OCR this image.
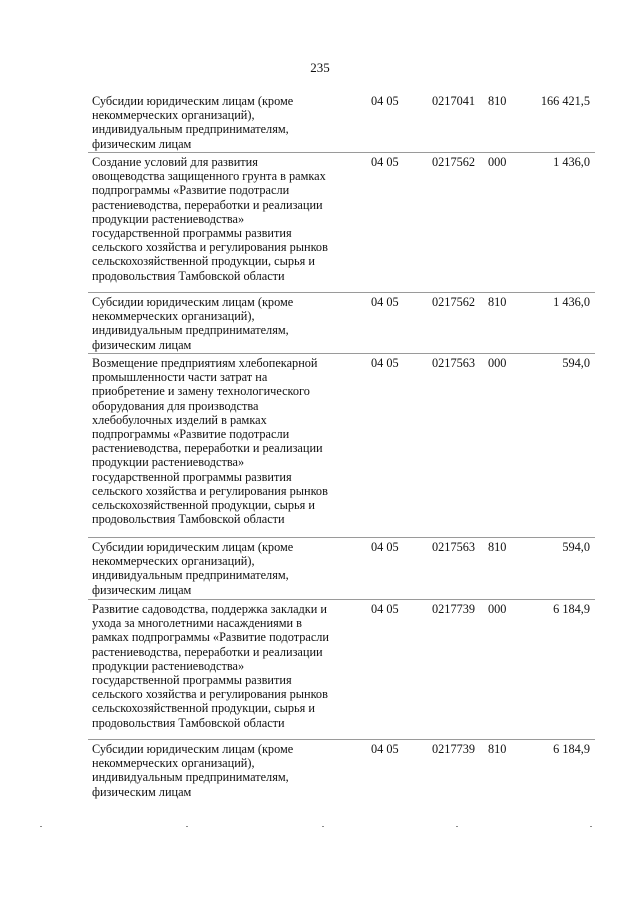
235
Субсидии юридическим лицам (кроме
некоммерческих организаций),
индивидуальным предпринимателям,
физическим лицам
04 05	0217041 810	166 421,5
Создание условий для развития
овощеводства защищенного грунта в рамках
подпрограммы «Развитие подотрасли
растениеводства, переработки и реализации
продукции растениеводства»
государственной программы развития
сельского хозяйства и регулирования рынков
сельскохозяйственной продукции, сырья и
продовольствия Тамбовской области
04 05	0217562 000	1 436,0
Субсидии юридическим лицам (кроме
некоммерческих организаций),
индивидуальным предпринимателям,
физическим лицам
04 05	0217562 810	1 436,0
Возмещение предприятиям хлебопекарной
промышленности части затрат на
приобретение и замену технологического
оборудования для производства
хлебобулочных изделий в рамках
подпрограммы «Развитие подотрасли
растениеводства, переработки и реализации
продукции растениеводства»
государственной программы развития
сельского хозяйства и регулирования рынков
сельскохозяйственной продукции, сырья и
продовольствия Тамбовской области
04 05	0217563 000	594,0
Субсидии юридическим лицам (кроме
некоммерческих организаций),
индивидуальным предпринимателям,
физическим лицам
04 05	0217563 810	594,0
Развитие садоводства, поддержка закладки и
ухода за многолетними насаждениями в
рамках подпрограммы «Развитие подотрасли
растениеводства, переработки и реализации
продукции растениеводства»
государственной программы развития
сельского хозяйства и регулирования рынков
сельскохозяйственной продукции, сырья и
продовольствия Тамбовской области
04 05	0217739 000	6 184,9
Субсидии юридическим лицам (кроме
некоммерческих организаций),
индивидуальным предпринимателям,
физическим лицам
04 05	0217739 810	6 184,9
